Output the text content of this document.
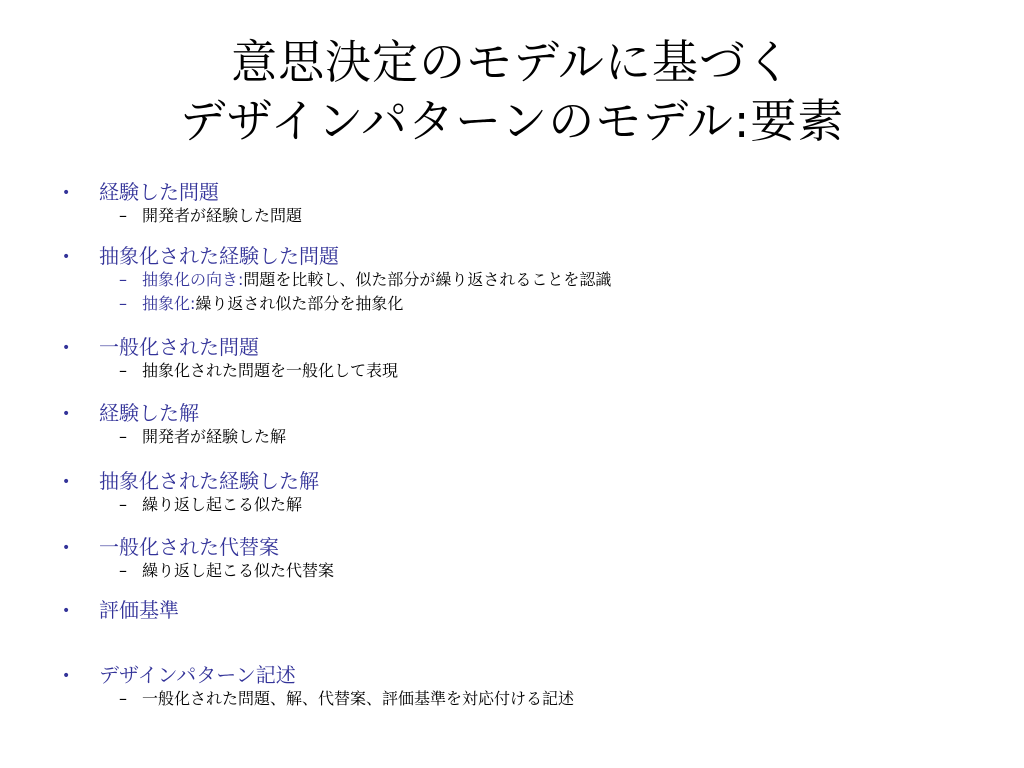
意思決定のモデルに基づく
デザインパターンのモデル:要素
• 経験した問題
– 開発者が経験した問題
• 抽象化された経験した問題
– 抽象化の向き:問題を比較し、似た部分が繰り返されることを認識
– 抽象化:繰り返され似た部分を抽象化
• 一般化された問題
– 抽象化された問題を一般化して表現
• 経験した解
– 開発者が経験した解
• 抽象化された経験した解
– 繰り返し起こる似た解
• 一般化された代替案
– 繰り返し起こる似た代替案
• 評価基準
• デザインパターン記述
– 一般化された問題、解、代替案、評価基準を対応付ける記述
